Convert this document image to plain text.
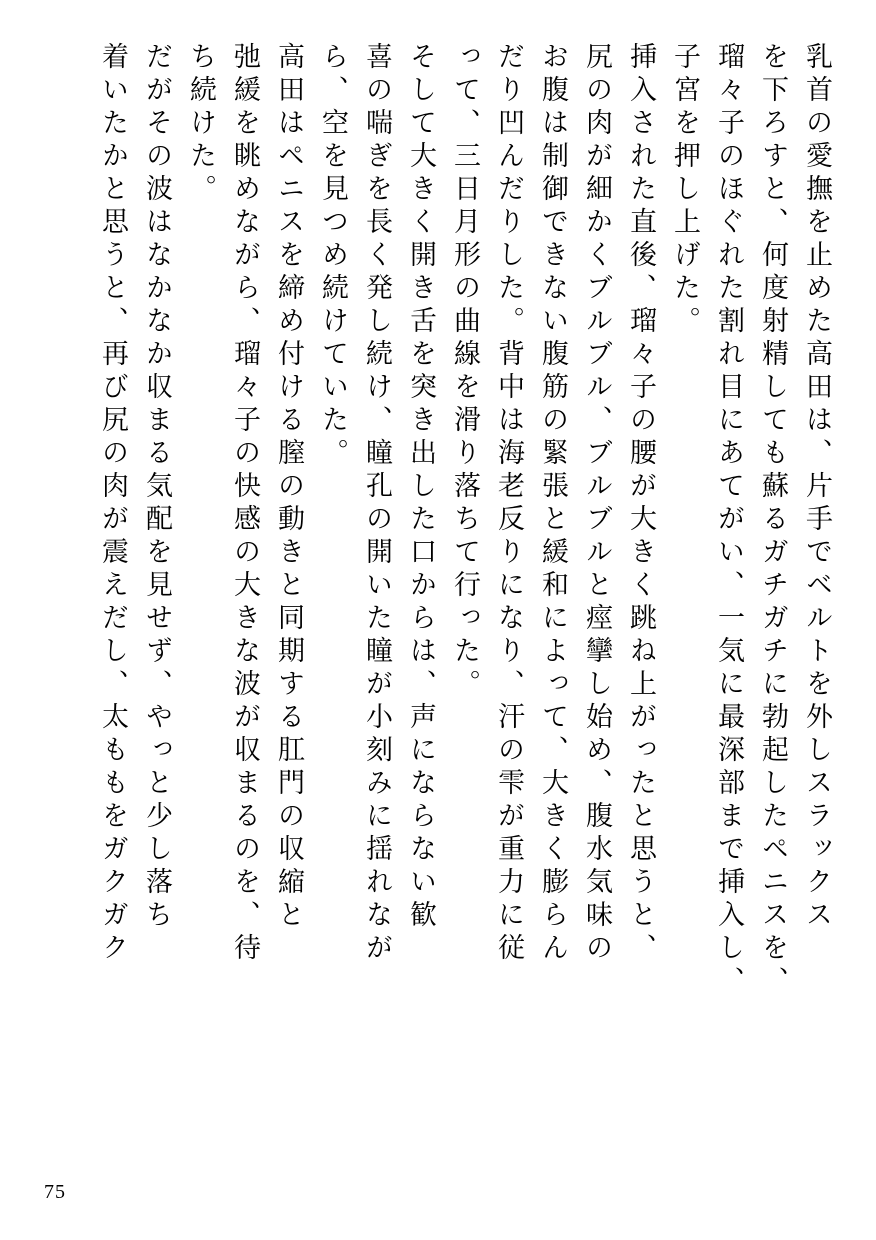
乳首の愛撫を止めた高田は、片手でベルトを外しスラックス
を下ろすと、何度射精しても蘇るガチガチに勃起したペニスを、
瑠々子のほぐれた割れ目にあてがい、一気に最深部まで挿入し、
子宮を押し上げた。
挿入された直後、瑠々子の腰が大きく跳ね上がったと思うと、
尻の肉が細かくブルブル、ブルブルと痙攣し始め、腹水気味の
お腹は制御できない腹筋の緊張と緩和によって、大きく膨らん
だり凹んだりした。背中は海老反りになり、汗の雫が重力に従
って、三日月形の曲線を滑り落ちて行った。
そして大きく開き舌を突き出した口からは、声にならない歓
喜の喘ぎを長く発し続け、瞳孔の開いた瞳が小刻みに揺れなが
ら、空を見つめ続けていた。
高田はペニスを締め付ける膣の動きと同期する肛門の収縮と
弛緩を眺めながら、瑠々子の快感の大きな波が収まるのを、待
ち続けた。
だがその波はなかなか収まる気配を見せず、やっと少し落ち
着いたかと思うと、再び尻の肉が震えだし、太ももをガクガク
75
